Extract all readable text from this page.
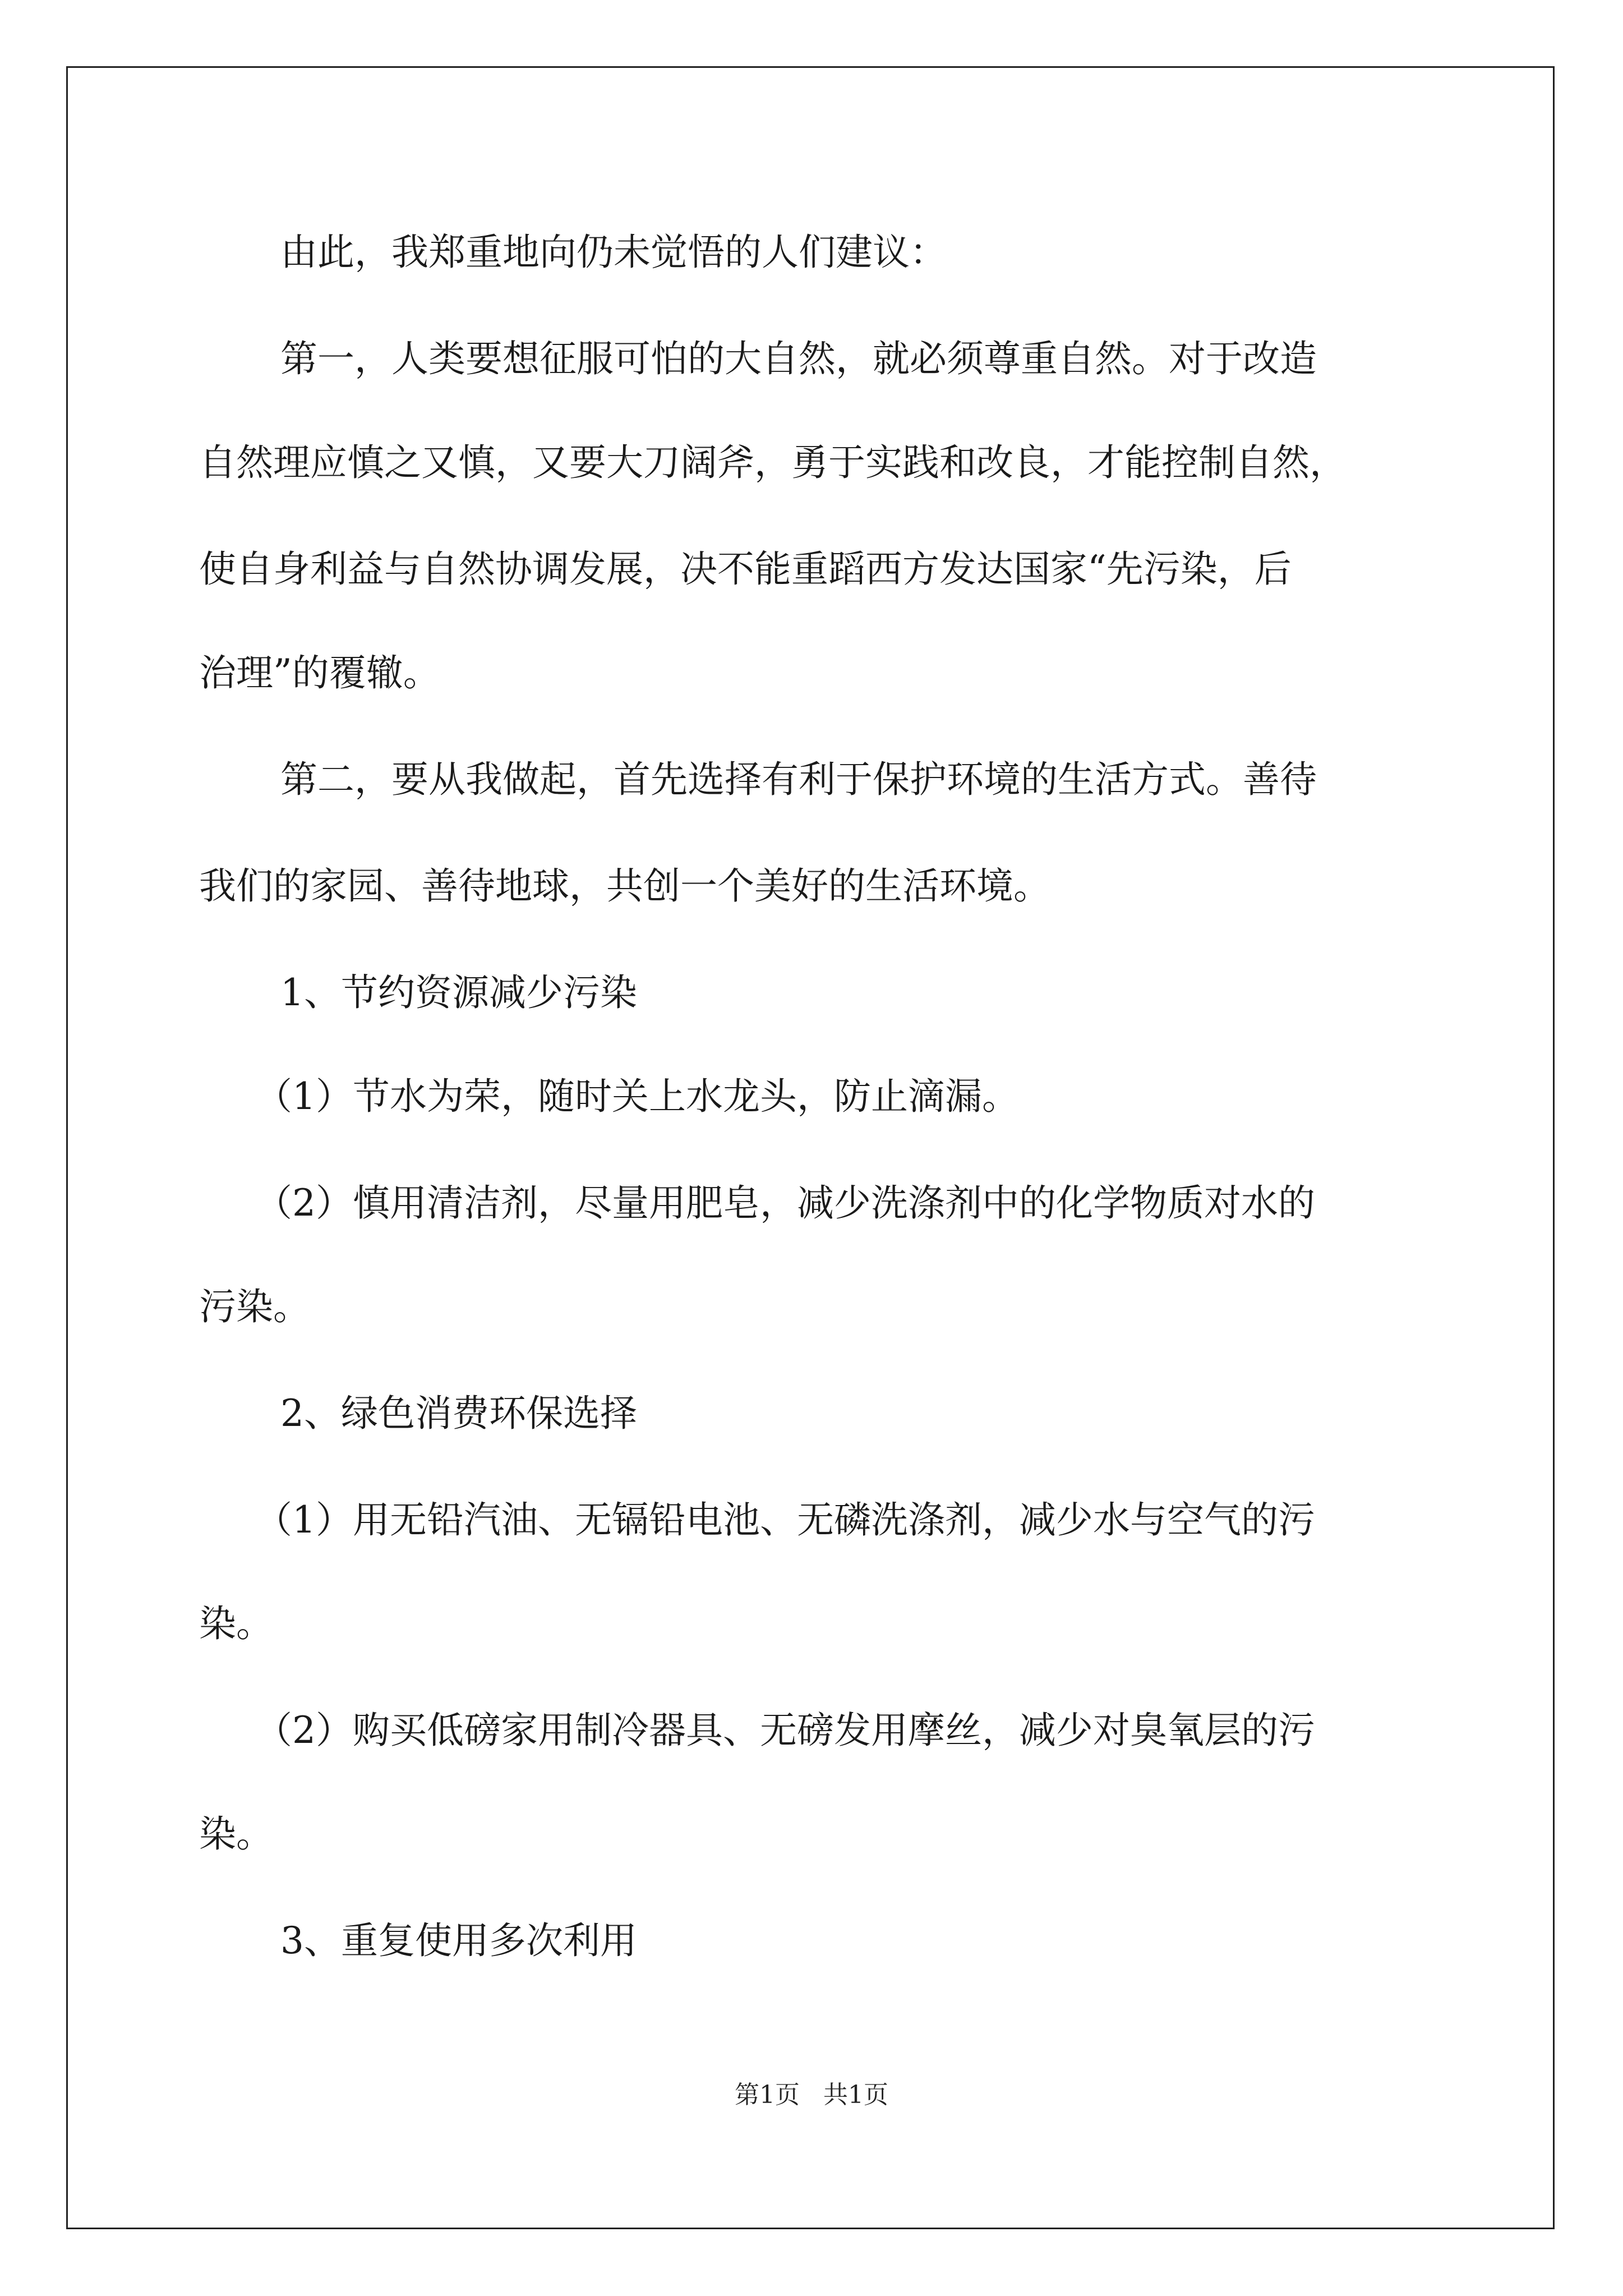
由此，我郑重地向仍未觉悟的人们建议：

第一，人类要想征服可怕的大自然，就必须尊重自然。对于改造

自然理应慎之又慎，又要大刀阔斧，勇于实践和改良，才能控制自然，

使自身利益与自然协调发展，决不能重蹈西方发达国家“先污染，后

治理”的覆辙。

第二，要从我做起，首先选择有利于保护环境的生活方式。善待

我们的家园、善待地球，共创一个美好的生活环境。

1、节约资源减少污染

（1）节水为荣，随时关上水龙头，防止滴漏。

（2）慎用清洁剂，尽量用肥皂，减少洗涤剂中的化学物质对水的

污染。

2、绿色消费环保选择

（1）用无铅汽油、无镉铅电池、无磷洗涤剂，减少水与空气的污

染。

（2）购买低磅家用制冷器具、无磅发用摩丝，减少对臭氧层的污

染。

3、重复使用多次利用

第1页 共1页
